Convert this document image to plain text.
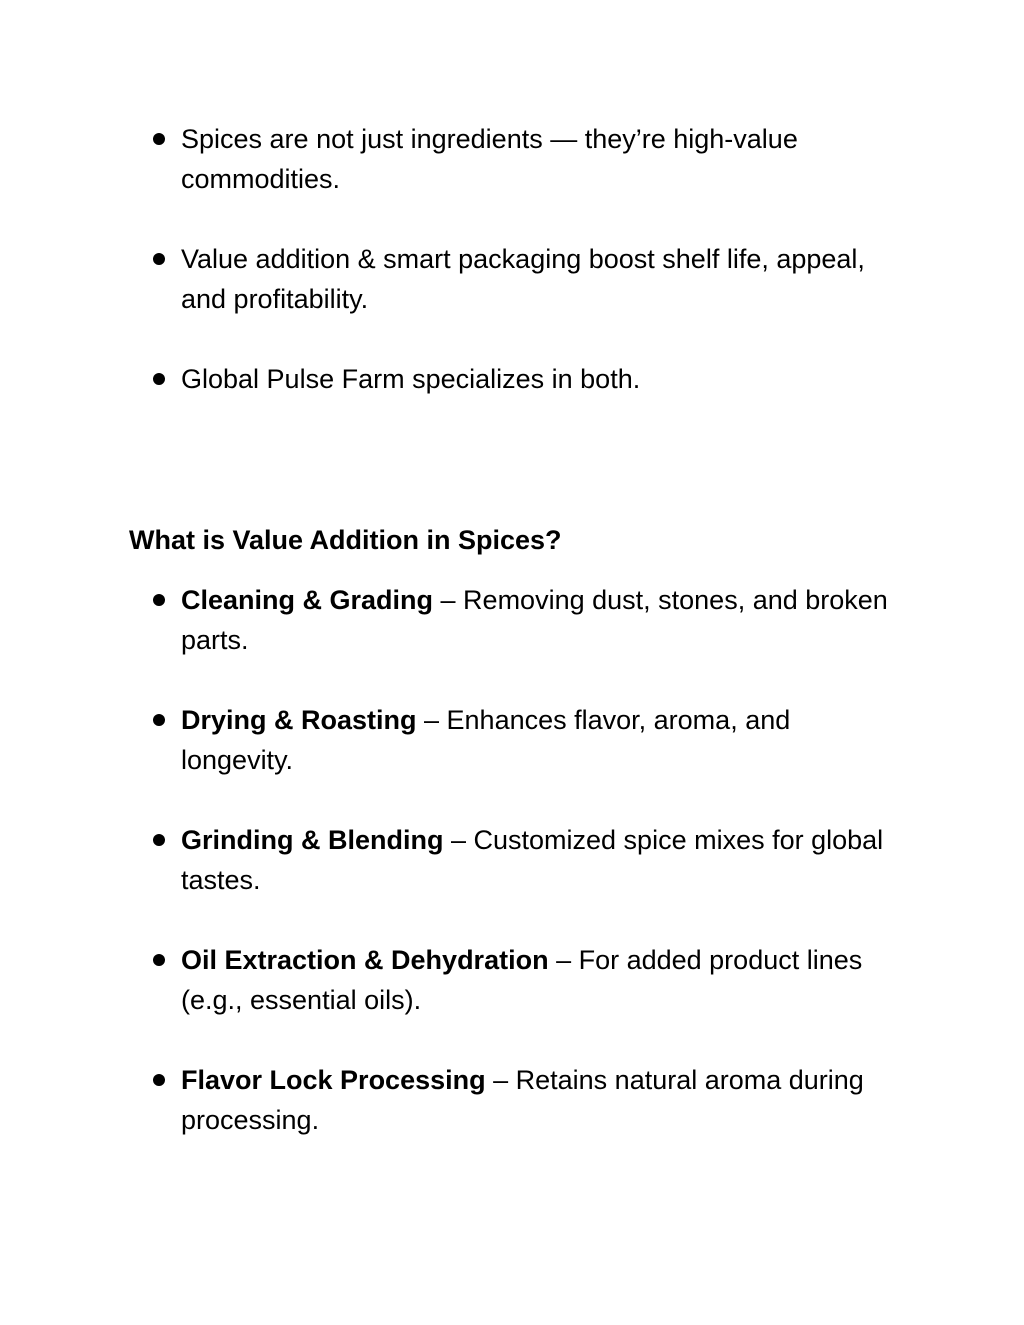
Spices are not just ingredients — they’re high-value commodities.
Value addition & smart packaging boost shelf life, appeal, and profitability.
Global Pulse Farm specializes in both.
What is Value Addition in Spices?
Cleaning & Grading – Removing dust, stones, and broken parts.
Drying & Roasting – Enhances flavor, aroma, and longevity.
Grinding & Blending – Customized spice mixes for global tastes.
Oil Extraction & Dehydration – For added product lines (e.g., essential oils).
Flavor Lock Processing – Retains natural aroma during processing.
